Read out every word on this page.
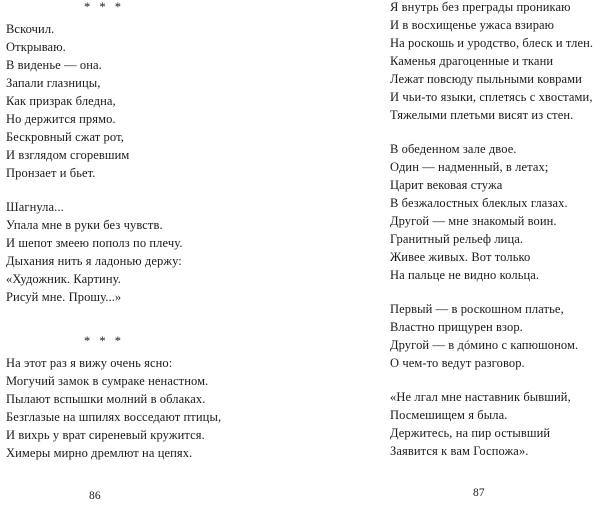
* * *
Вскочил.
Открываю.
В виденье — она.
Запали глазницы,
Как призрак бледна,
Но держится прямо.
Бескровный сжат рот,
И взглядом сгоревшим
Пронзает и бьет.
Шагнула...
Упала мне в руки без чувств.
И шепот змеею пополз по плечу.
Дыхания нить я ладонью держу:
«Художник. Картину.
Рисуй мне. Прошу...»
* * *
На этот раз я вижу очень ясно:
Могучий замок в сумраке ненастном.
Пылают вспышки молний в облаках.
Безглазые на шпилях восседают птицы,
И вихрь у врат сиреневый кружится.
Химеры мирно дремлют на цепях.
86
Я внутрь без преграды проникаю
И в восхищенье ужаса взираю
На роскошь и уродство, блеск и тлен.
Каменья драгоценные и ткани
Лежат повсюду пыльными коврами
И чьи-то языки, сплетясь с хвостами,
Тяжелыми плетьми висят из стен.
В обеденном зале двое.
Один — надменный, в летах;
Царит вековая стужа
В безжалостных блеклых глазах.
Другой — мне знакомый воин.
Гранитный рельеф лица.
Живее живых. Вот только
На пальце не видно кольца.
Первый — в роскошном платье,
Властно прищурен взор.
Другой — в дóмино с капюшоном.
О чем-то ведут разговор.
«Не лгал мне наставник бывший,
Посмешищем я была.
Держитесь, на пир остывший
Заявится к вам Госпожа».
87
